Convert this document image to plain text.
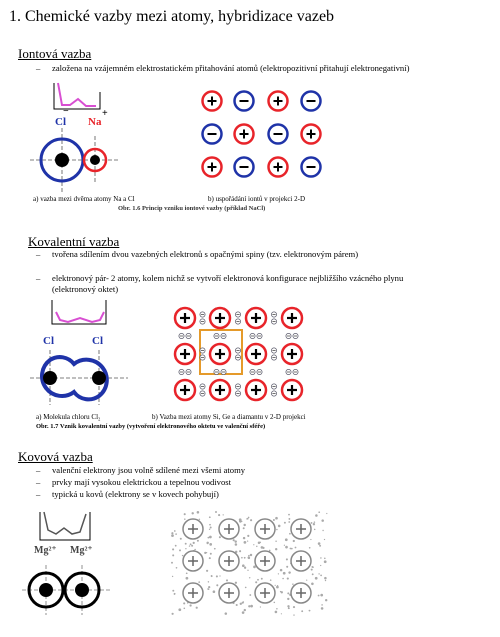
1. Chemické vazby mezi atomy, hybridizace vazeb
Iontová vazba
– založena na vzájemném elektrostatickém přitahování atomů (elektropozitivní přitahují elektronegativní)
Cl
−
Na
+
a) vazba mezi dvěma atomy Na a Cl	b) uspořádání iontů v projekci 2-D
Obr. 1.6 Princip vzniku iontové vazby (příklad NaCl)
Kovalentní vazba
– tvořena sdílením dvou vazebných elektronů s opačnými spiny (tzv. elektronovým párem)
– elektronový pár- 2 atomy, kolem nichž se vytvoří elektronová konfigurace nejbližšího vzácného plynu
(elektronový oktet)
Cl	Cl
a) Molekula chloru Cl₂	b) Vazba mezi atomy Si, Ge a diamantu v 2-D projekci
Obr. 1.7 Vznik kovalentní vazby (vytvoření elektronového oktetu ve valenční sféře)
Kovová vazba
– valenční elektrony jsou volně sdílené mezi všemi atomy
– prvky mají vysokou elektrickou a tepelnou vodivost
– typická u kovů (elektrony se v kovech pohybují)
Mg²⁺ Mg²⁺
